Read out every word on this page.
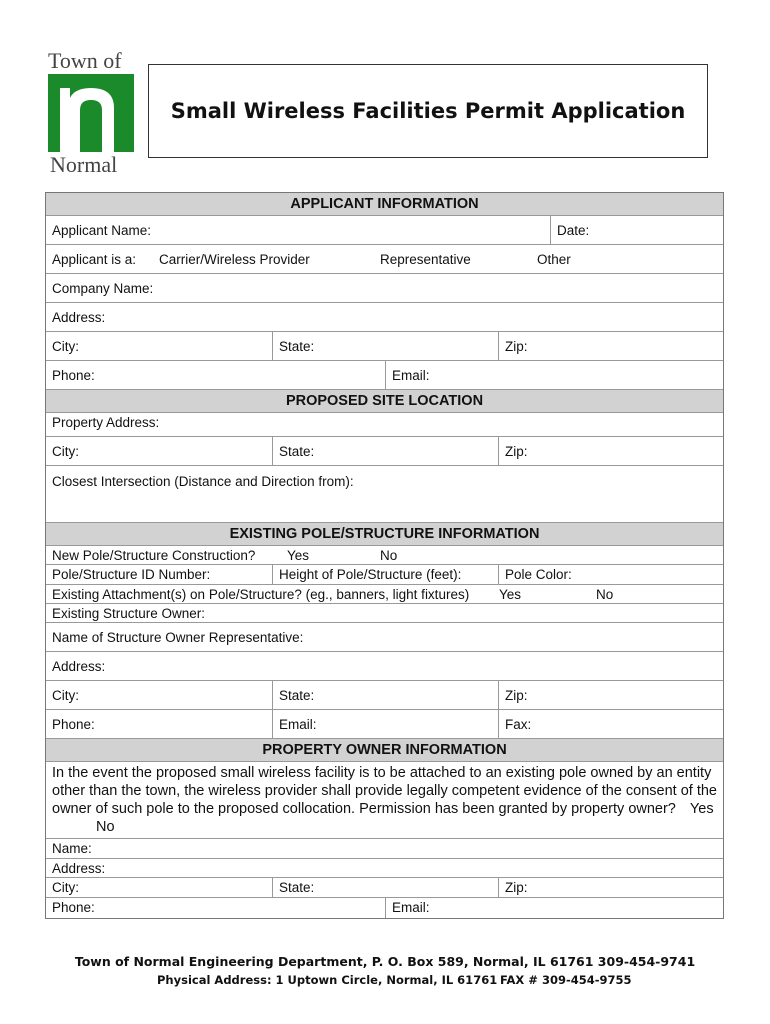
Town of
Normal
Small Wireless Facilities Permit Application
APPLICANT INFORMATION
Applicant Name:	Date:
Applicant is a: Carrier/Wireless Provider	Representative	Other
Company Name:
Address:
City:	State:	Zip:
Phone:	Email:
PROPOSED SITE LOCATION
Property Address:
City:	State:	Zip:
Closest Intersection (Distance and Direction from):
EXISTING POLE/STRUCTURE INFORMATION
New Pole/Structure Construction? Yes	No
Pole/Structure ID Number:	Height of Pole/Structure (feet):	Pole Color:
Existing Attachment(s) on Pole/Structure? (eg., banners, light fixtures) Yes	No
Existing Structure Owner:
Name of Structure Owner Representative:
Address:
City:	State:	Zip:
Phone:	Email:	Fax:
PROPERTY OWNER INFORMATION
In the event the proposed small wireless facility is to be attached to an existing pole owned by an entity other than the town, the wireless provider shall provide legally competent evidence of the consent of the owner of such pole to the proposed collocation. Permission has been granted by property owner? Yes No
Name:
Address:
City:	State:	Zip:
Phone:	Email:
Town of Normal Engineering Department, P. O. Box 589, Normal, IL 61761 309-454-9741
Physical Address: 1 Uptown Circle, Normal, IL 61761 FAX # 309-454-9755
